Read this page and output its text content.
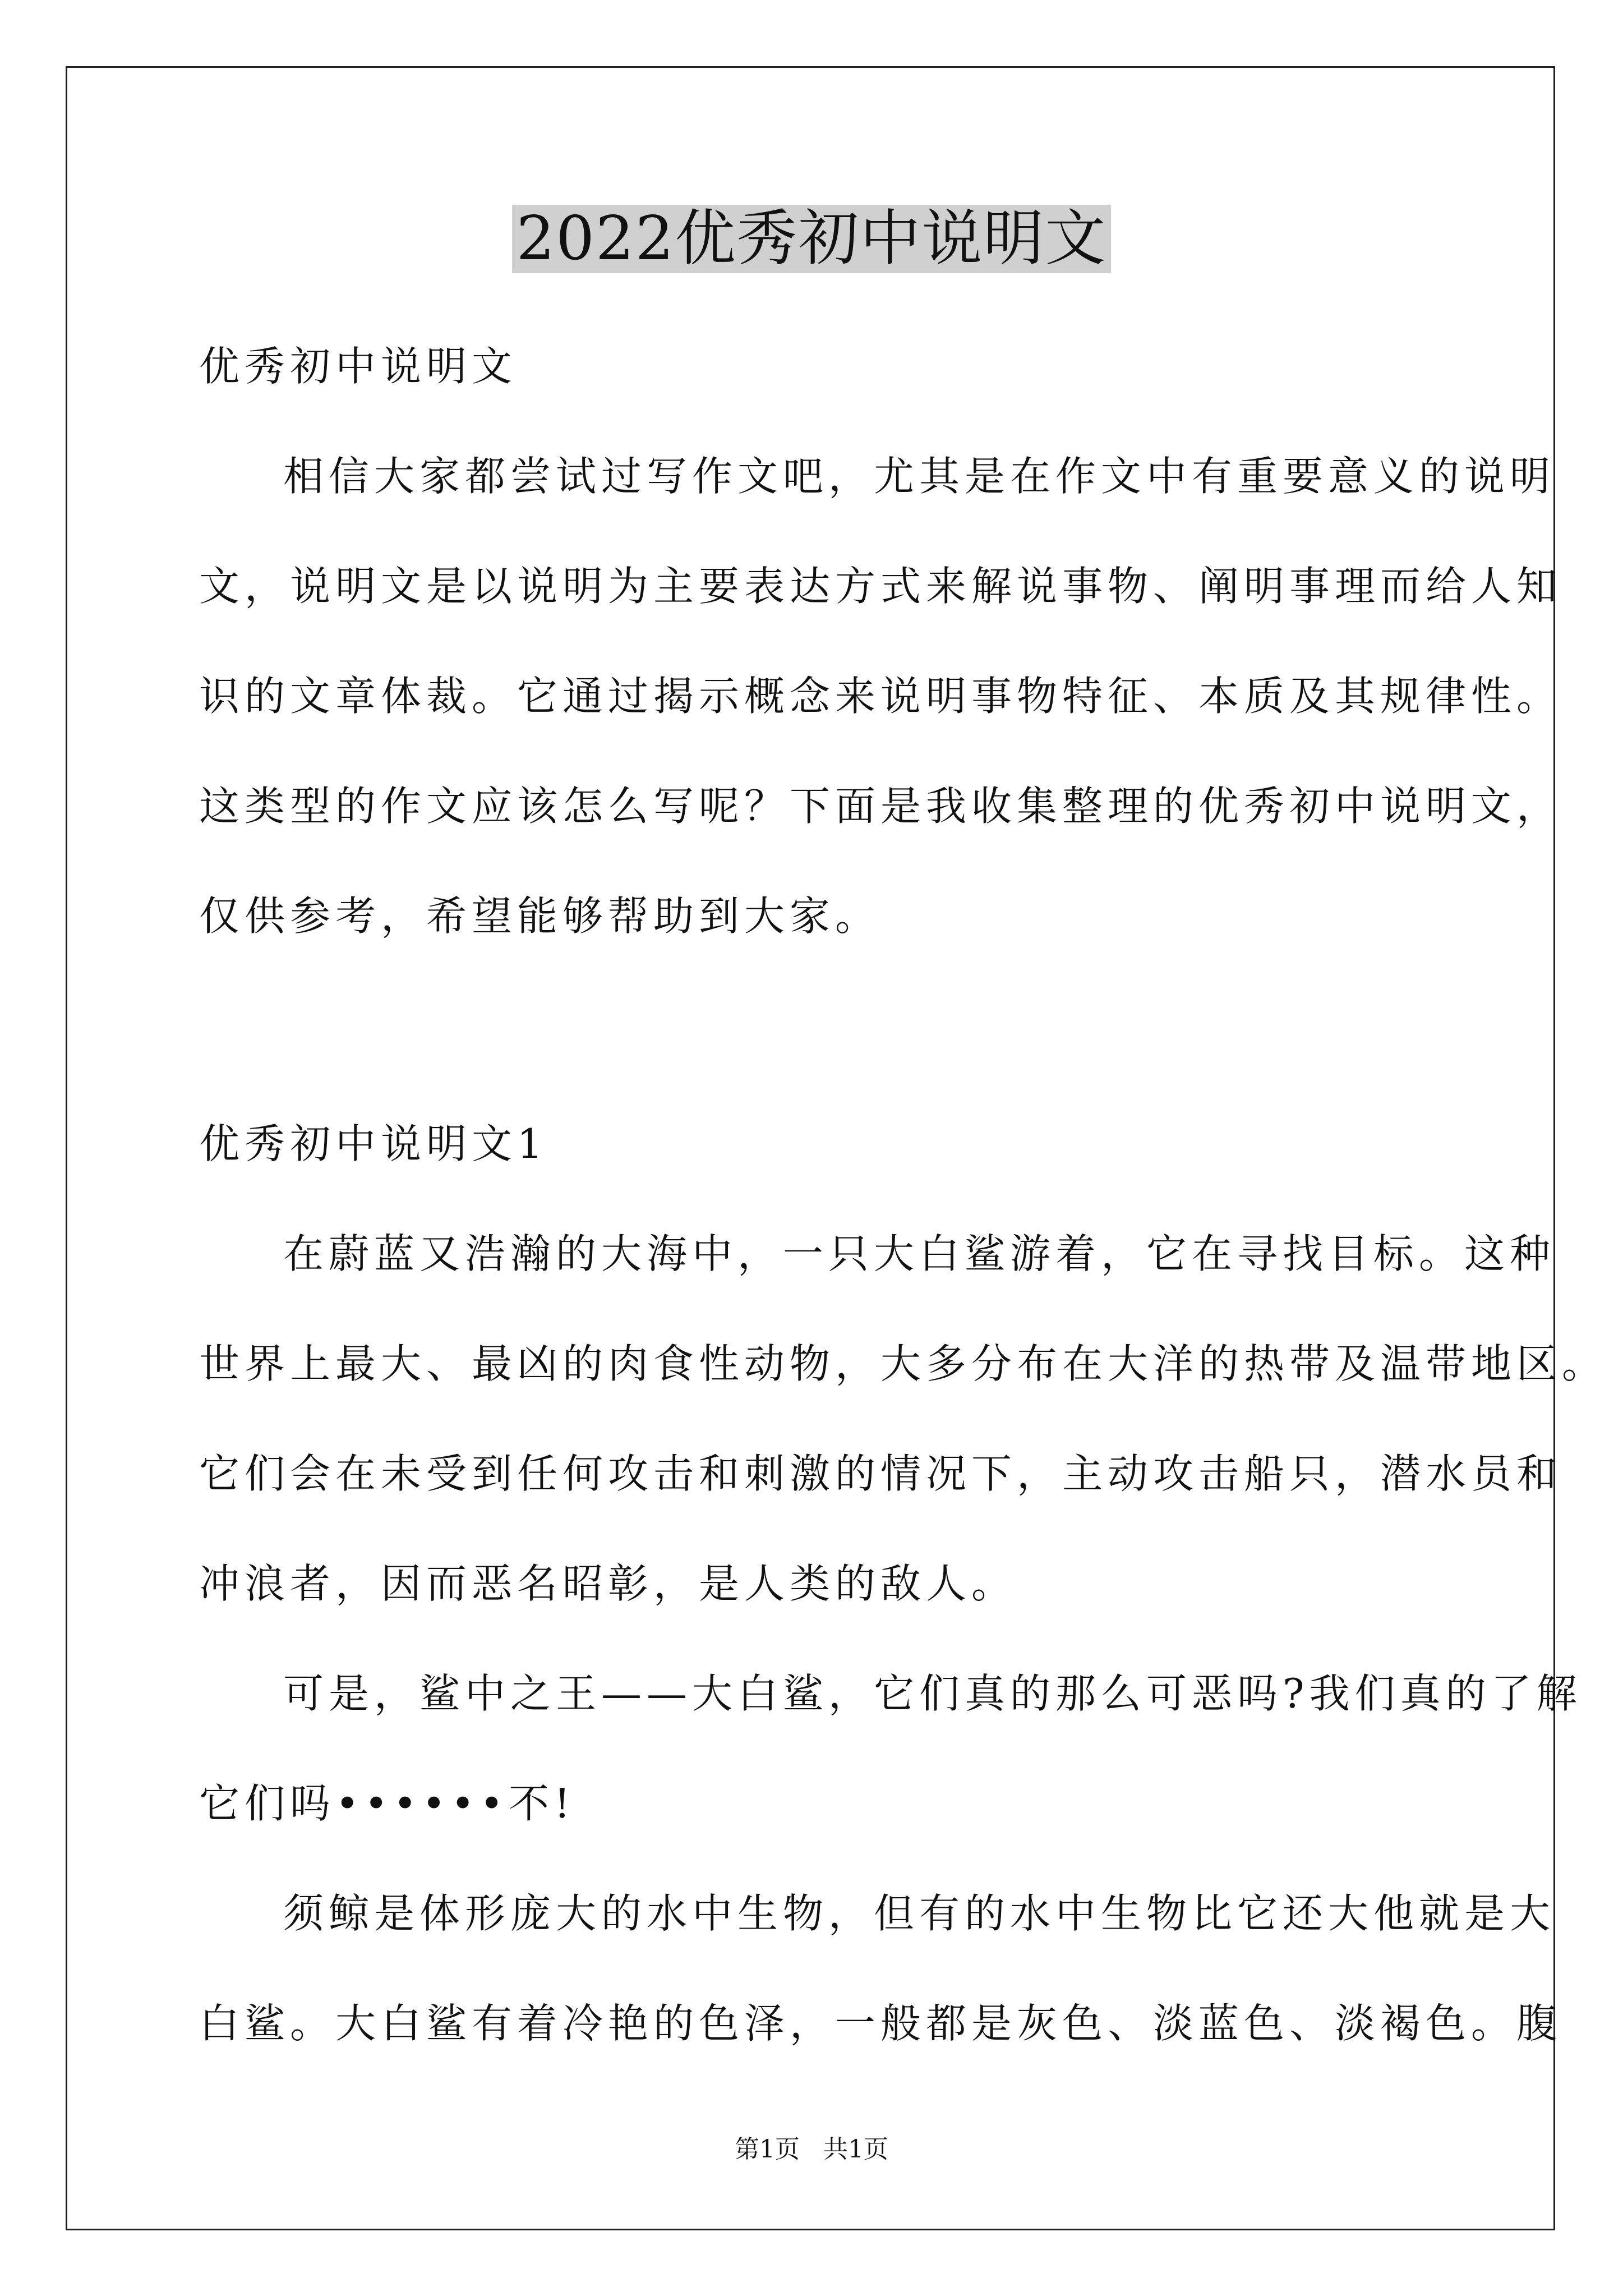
2022优秀初中说明文
优秀初中说明文
相信大家都尝试过写作文吧，尤其是在作文中有重要意义的说明
文，说明文是以说明为主要表达方式来解说事物、阐明事理而给人知
识的文章体裁。它通过揭示概念来说明事物特征、本质及其规律性。
这类型的作文应该怎么写呢？下面是我收集整理的优秀初中说明文，
仅供参考，希望能够帮助到大家。
优秀初中说明文1
在蔚蓝又浩瀚的大海中，一只大白鲨游着，它在寻找目标。这种
世界上最大、最凶的肉食性动物，大多分布在大洋的热带及温带地区。
它们会在未受到任何攻击和刺激的情况下，主动攻击船只，潜水员和
冲浪者，因而恶名昭彰，是人类的敌人。
可是，鲨中之王——大白鲨，它们真的那么可恶吗?我们真的了解
它们吗••••••不!
须鲸是体形庞大的水中生物，但有的水中生物比它还大他就是大
白鲨。大白鲨有着冷艳的色泽，一般都是灰色、淡蓝色、淡褐色。腹
第1页   共1页
